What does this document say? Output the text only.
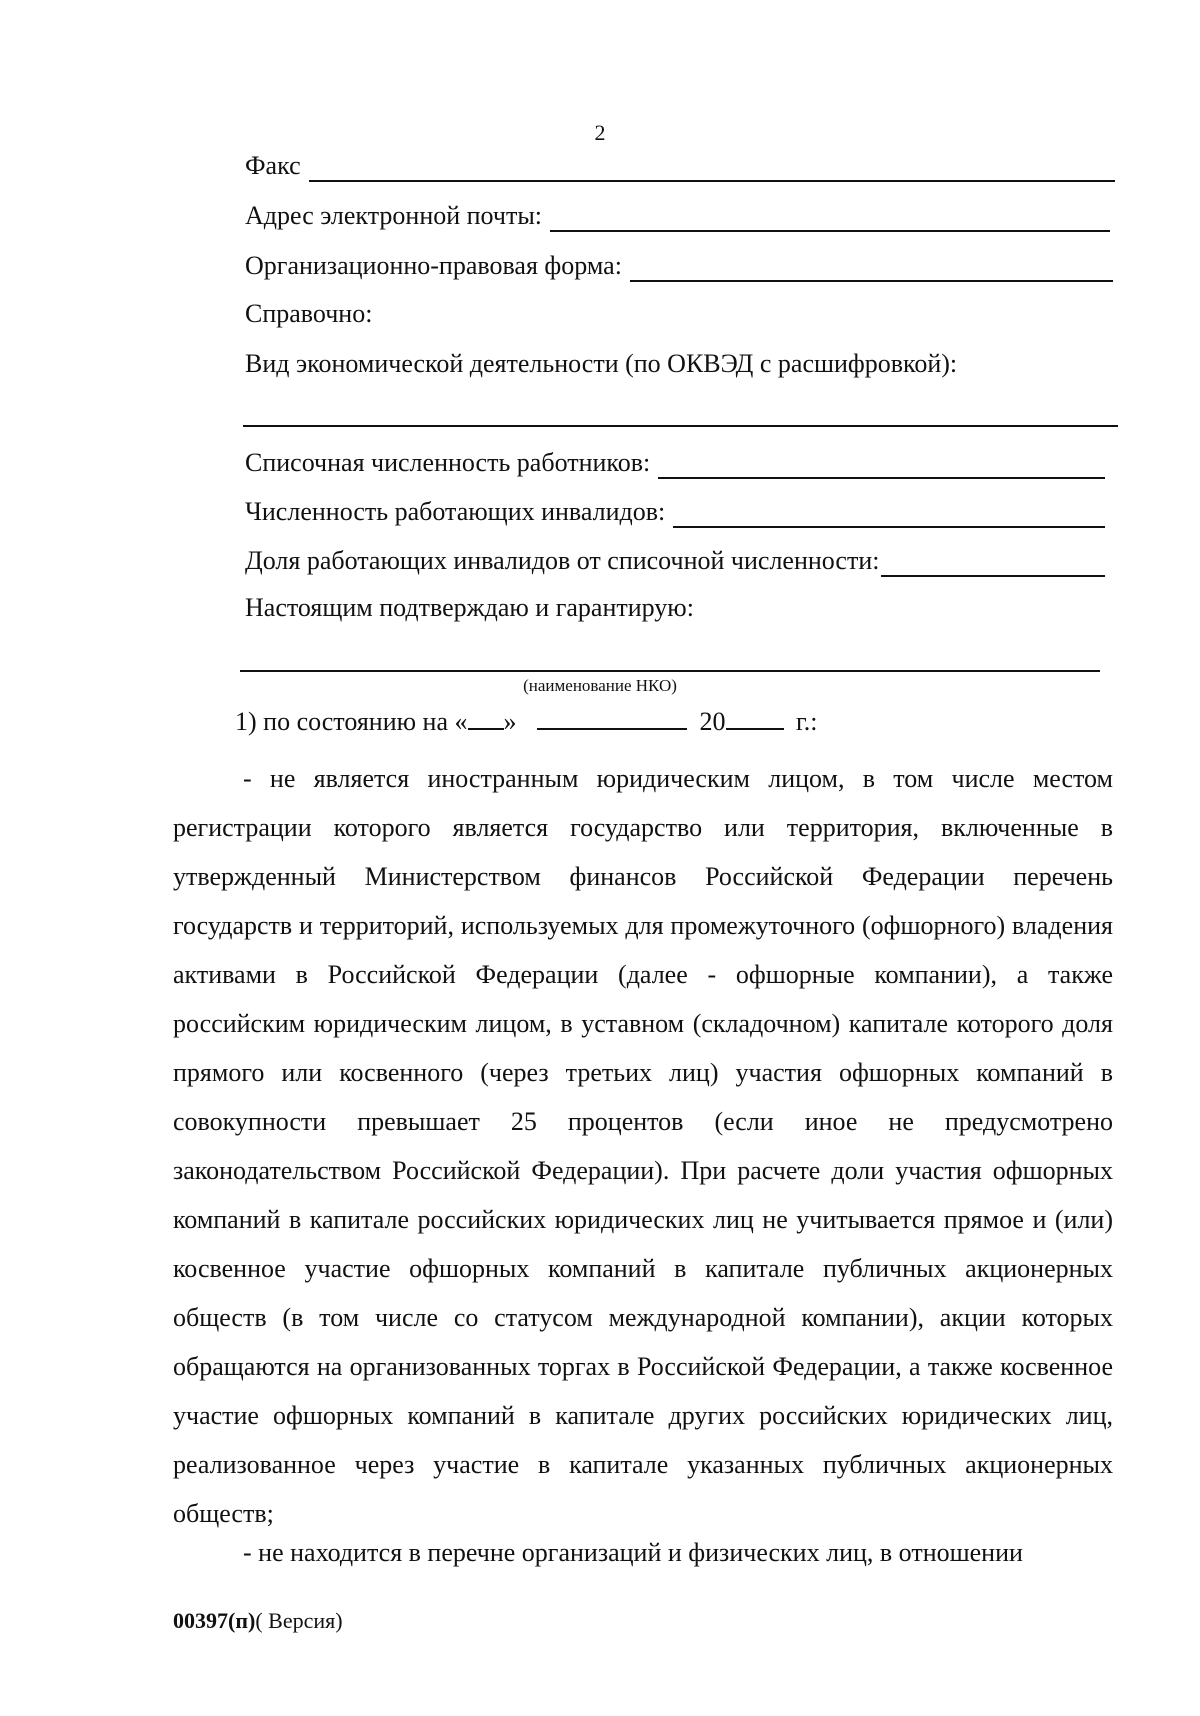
2
Факс
Адрес электронной почты:
Организационно-правовая форма:
Справочно:
Вид экономической деятельности (по ОКВЭД с расшифровкой):
Списочная численность работников:
Численность работающих инвалидов:
Доля работающих инвалидов от списочной численности:
Настоящим подтверждаю и гарантирую:
(наименование НКО)
1) по состоянию на « »	20	г.:

- не является иностранным юридическим лицом, в том числе местом регистрации которого является государство или территория, включенные в утвержденный Министерством финансов Российской Федерации перечень государств и территорий, используемых для промежуточного (офшорного) владения активами в Российской Федерации (далее - офшорные компании), а также российским юридическим лицом, в уставном (складочном) капитале которого доля прямого или косвенного (через третьих лиц) участия офшорных компаний в совокупности превышает 25 процентов (если иное не предусмотрено законодательством Российской Федерации). При расчете доли участия офшорных компаний в капитале российских юридических лиц не учитывается прямое и (или) косвенное участие офшорных компаний в капитале публичных акционерных обществ (в том числе со статусом международной компании), акции которых обращаются на организованных торгах в Российской Федерации, а также косвенное участие офшорных компаний в капитале других российских юридических лиц, реализованное через участие в капитале указанных публичных акционерных обществ;

- не находится в перечне организаций и физических лиц, в отношении

00397(п)( Версия)
